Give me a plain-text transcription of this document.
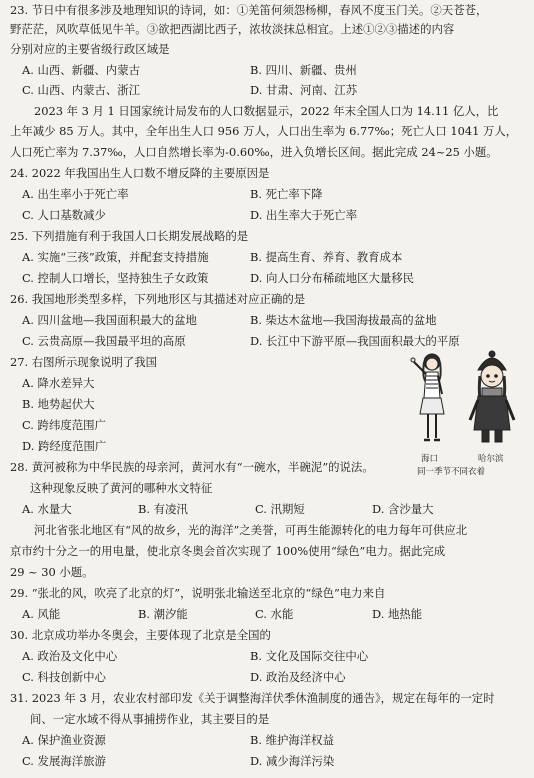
23. 节日中有很多涉及地理知识的诗词，如：①羌笛何须怨杨柳，春风不度玉门关。②天苍苍，
野茫茫，风吹草低见牛羊。③欲把西湖比西子，浓妆淡抹总相宜。上述①②③描述的内容
分别对应的主要省级行政区域是
A. 山西、新疆、内蒙古	B. 四川、新疆、贵州
C. 山西、内蒙古、浙江	D. 甘肃、河南、江苏
2023 年 3 月 1 日国家统计局发布的人口数据显示，2022 年末全国人口为 14.11 亿人，比
上年减少 85 万人。其中，全年出生人口 956 万人，人口出生率为 6.77‰；死亡人口 1041 万人，
人口死亡率为 7.37‰，人口自然增长率为-0.60‰，进入负增长区间。据此完成 24~25 小题。
24. 2022 年我国出生人口数不增反降的主要原因是
A. 出生率小于死亡率	B. 死亡率下降
C. 人口基数减少	D. 出生率大于死亡率
25. 下列措施有利于我国人口长期发展战略的是
A. 实施“三孩”政策，并配套支持措施	B. 提高生育、养育、教育成本
C. 控制人口增长，坚持独生子女政策	D. 向人口分布稀疏地区大量移民
26. 我国地形类型多样，下列地形区与其描述对应正确的是
A. 四川盆地—我国面积最大的盆地	B. 柴达木盆地—我国海拔最高的盆地
C. 云贵高原—我国最平坦的高原	D. 长江中下游平原—我国面积最大的平原
27. 右图所示现象说明了我国
A. 降水差异大
B. 地势起伏大
C. 跨纬度范围广
D. 跨经度范围广
海口	哈尔滨
同一季节不同衣着
28. 黄河被称为中华民族的母亲河，黄河水有“一碗水，半碗泥”的说法。
这种现象反映了黄河的哪种水文特征
A. 水量大	B. 有凌汛	C. 汛期短	D. 含沙量大
河北省张北地区有“风的故乡，光的海洋”之美誉，可再生能源转化的电力每年可供应北
京市约十分之一的用电量，使北京冬奥会首次实现了 100%使用“绿色”电力。据此完成
29 ~ 30 小题。
29. “张北的风，吹亮了北京的灯”，说明张北输送至北京的“绿色”电力来自
A. 风能	B. 潮汐能	C. 水能	D. 地热能
30. 北京成功举办冬奥会，主要体现了北京是全国的
A. 政治及文化中心	B. 文化及国际交往中心
C. 科技创新中心	D. 政治及经济中心
31. 2023 年 3 月，农业农村部印发《关于调整海洋伏季休渔制度的通告》，规定在每年的一定时
间、一定水域不得从事捕捞作业，其主要目的是
A. 保护渔业资源	B. 维护海洋权益
C. 发展海洋旅游	D. 减少海洋污染
